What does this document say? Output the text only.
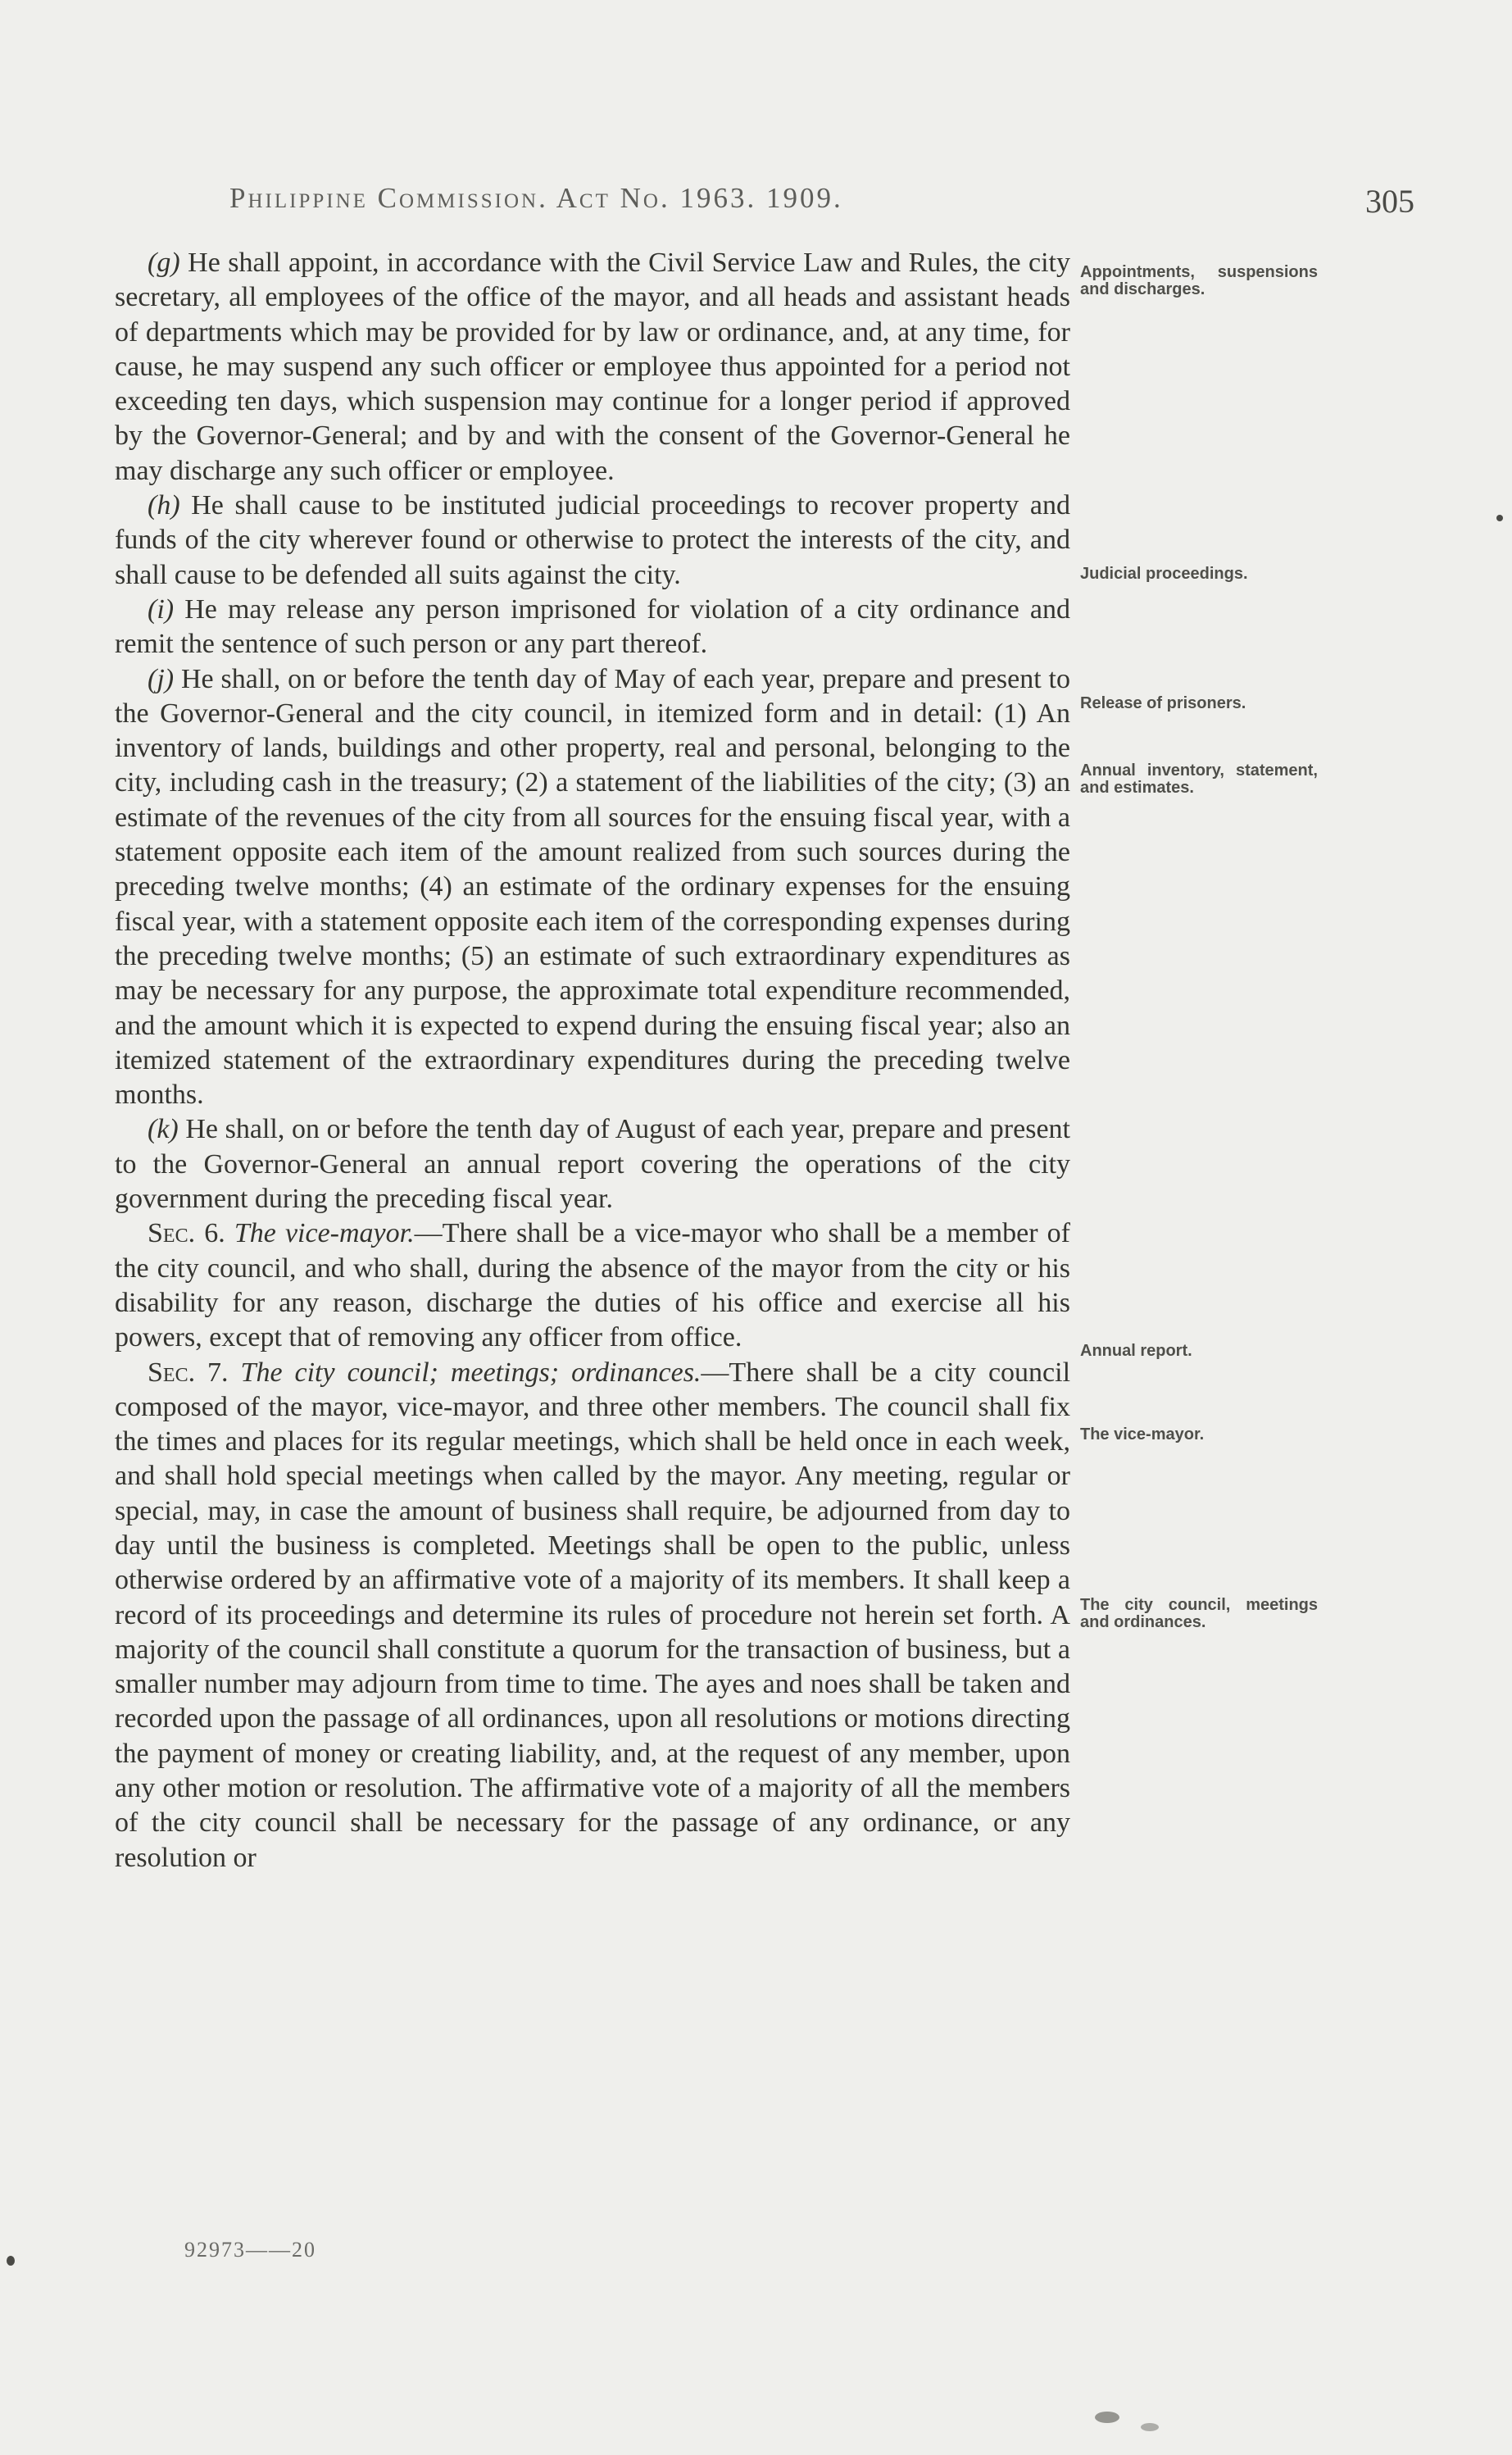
Philippine Commission. Act No. 1963. 1909.	305

(g) He shall appoint, in accordance with the Civil Service Law and Rules, the city secretary, all employees of the office of the mayor, and all heads and assistant heads of departments which may be provided for by law or ordinance, and, at any time, for cause, he may suspend any such officer or employee thus appointed for a period not exceeding ten days, which suspension may continue for a longer period if approved by the Governor-General; and by and with the consent of the Governor-General he may discharge any such officer or employee.

(h) He shall cause to be instituted judicial proceedings to recover property and funds of the city wherever found or otherwise to protect the interests of the city, and shall cause to be defended all suits against the city.

(i) He may release any person imprisoned for violation of a city ordinance and remit the sentence of such person or any part thereof.

(j) He shall, on or before the tenth day of May of each year, prepare and present to the Governor-General and the city council, in itemized form and in detail: (1) An inventory of lands, buildings and other property, real and personal, belonging to the city, including cash in the treasury; (2) a statement of the liabilities of the city; (3) an estimate of the revenues of the city from all sources for the ensuing fiscal year, with a statement opposite each item of the amount realized from such sources during the preceding twelve months; (4) an estimate of the ordinary expenses for the ensuing fiscal year, with a statement opposite each item of the corresponding expenses during the preceding twelve months; (5) an estimate of such extraordinary expenditures as may be necessary for any purpose, the approximate total expenditure recommended, and the amount which it is expected to expend during the ensuing fiscal year; also an itemized statement of the extraordinary expenditures during the preceding twelve months.

(k) He shall, on or before the tenth day of August of each year, prepare and present to the Governor-General an annual report covering the operations of the city government during the preceding fiscal year.

Sec. 6. The vice-mayor.—There shall be a vice-mayor who shall be a member of the city council, and who shall, during the absence of the mayor from the city or his disability for any reason, discharge the duties of his office and exercise all his powers, except that of removing any officer from office.

Sec. 7. The city council; meetings; ordinances.—There shall be a city council composed of the mayor, vice-mayor, and three other members. The council shall fix the times and places for its regular meetings, which shall be held once in each week, and shall hold special meetings when called by the mayor. Any meeting, regular or special, may, in case the amount of business shall require, be adjourned from day to day until the business is completed. Meetings shall be open to the public, unless otherwise ordered by an affirmative vote of a majority of its members. It shall keep a record of its proceedings and determine its rules of procedure not herein set forth. A majority of the council shall constitute a quorum for the transaction of business, but a smaller number may adjourn from time to time. The ayes and noes shall be taken and recorded upon the passage of all ordinances, upon all resolutions or motions directing the payment of money or creating liability, and, at the request of any member, upon any other motion or resolution. The affirmative vote of a majority of all the members of the city council shall be necessary for the passage of any ordinance, or any resolution or

Appointments, suspensions and discharges.
Judicial proceedings.
Release of prisoners.
Annual inventory, statement, and estimates.
Annual report.
The vice-mayor.
The city council, meetings and ordinances.
92973——20
